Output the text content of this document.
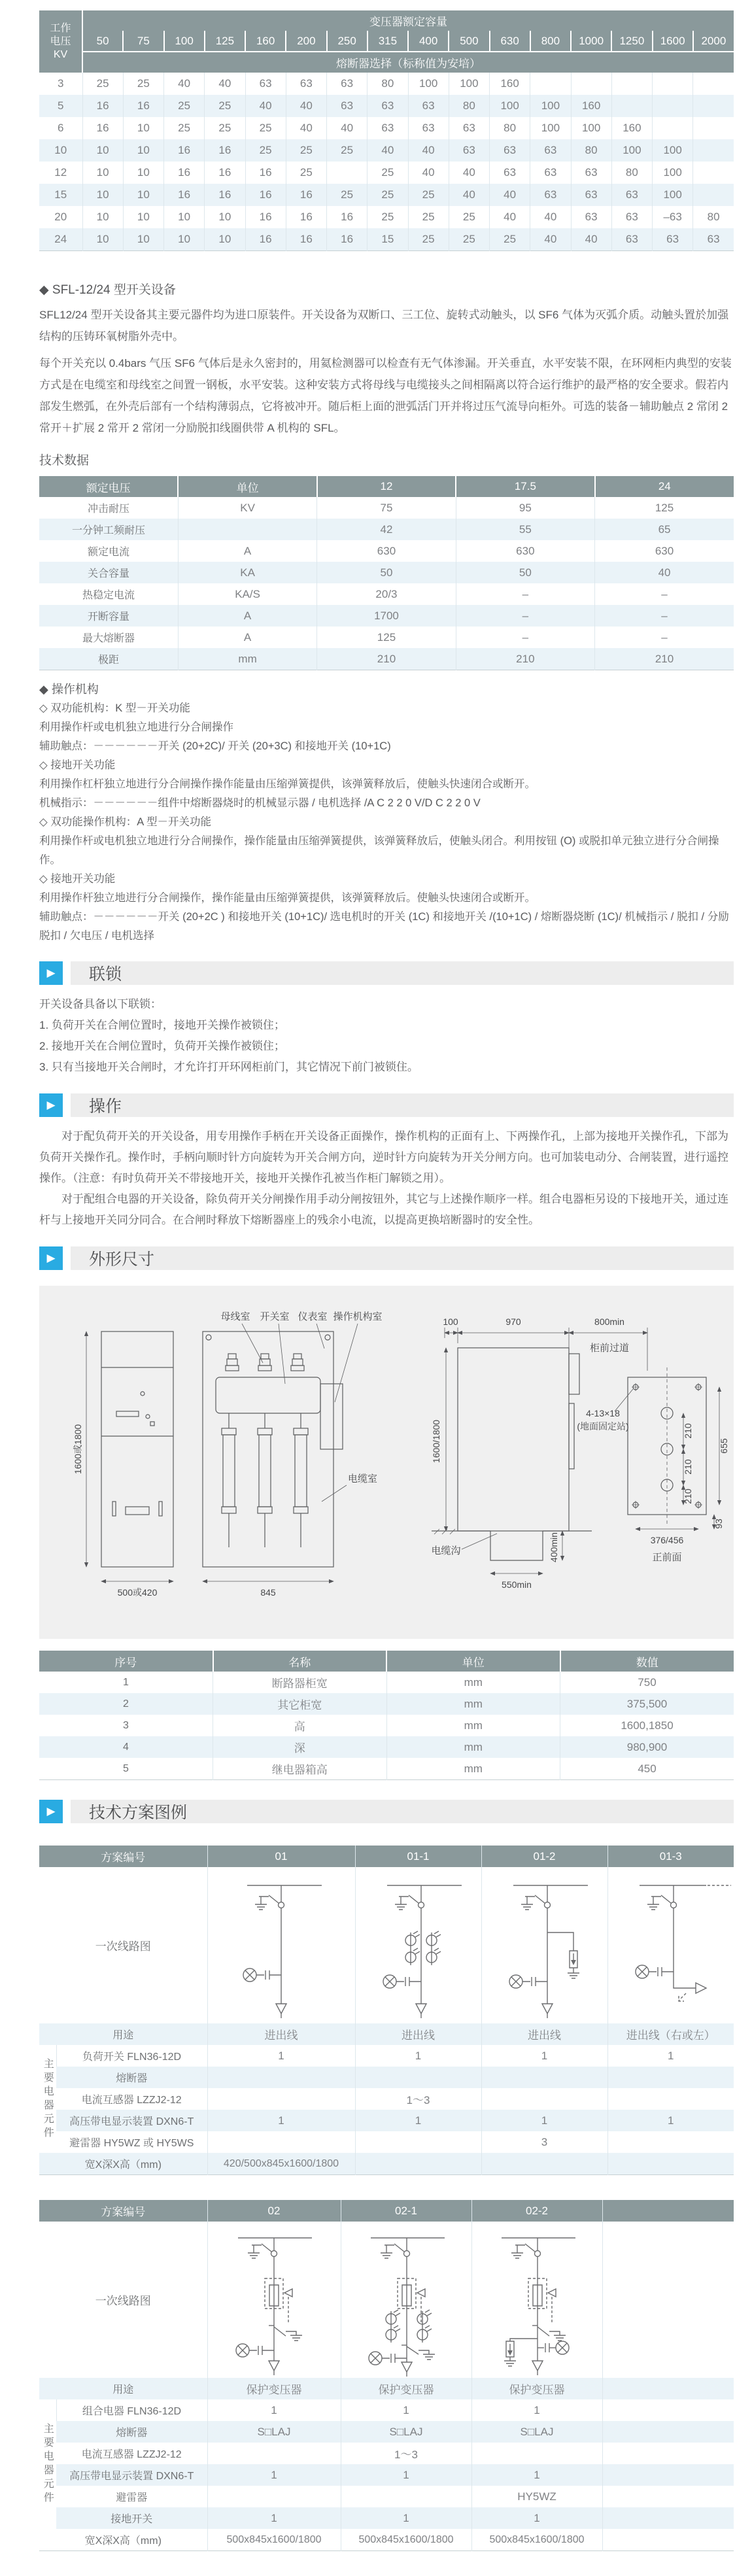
工作电压KV	变压器额定容量															
	50	75	100	125	160	200	250	315	400	500	630	800	1000	1250	1600	2000
	熔断器选择（标称值为安培）															
3	25	25	40	40	63	63	63	80	100	100	160					
5	16	16	25	25	40	40	63	63	63	80	100	100	160			
6	16	10	25	25	25	40	40	63	63	63	80	100	100	160		
10	10	10	16	16	25	25	25	40	40	63	63	63	80	100	100	
12	10	10	16	16	16	25		25	40	40	63	63	63	80	100	
15	10	10	16	16	16	16	25	25	25	40	40	63	63	63	100	
20	10	10	10	10	16	16	16	25	25	25	40	40	63	63	–63	80
24	10	10	10	10	16	16	16	15	25	25	25	40	40	63	63	63
◆ SFL-12/24 型开关设备

SFL12/24 型开关设备其主要元器件均为进口原装件。开关设备为双断口、三工位、旋转式动触头，以 SF6 气体为灭弧介质。动触头置於加强结构的压铸环氧树脂外壳中。

每个开关充以 0.4bars 气压 SF6 气体后是永久密封的，用氦检测器可以检查有无气体渗漏。开关垂直，水平安装不限，在环网柜内典型的安装方式是在电缆室和母线室之间置一钢板，水平安装。这种安装方式将母线与电缆接头之间相隔离以符合运行维护的最严格的安全要求。假若内部发生燃弧，在外壳后部有一个结构薄弱点，它将被冲开。随后柜上面的泄弧活门开并将过压气流导向柜外。可选的装备－辅助触点 2 常闭 2 常开＋扩展 2 常开 2 常闭一分励脱扣线圈供带 A 机构的 SFL。

技术数据
额定电压	单位	12	17.5	24
冲击耐压	KV	75	95	125
一分钟工频耐压		42	55	65
额定电流	A	630	630	630
关合容量	KA	50	50	40
热稳定电流	KA/S	20/3	–	–
开断容量	A	1700	–	–
最大熔断器	A	125	–	–
极距	mm	210	210	210
◆ 操作机构
◇ 双功能机构：K 型－开关功能
利用操作杆或电机独立地进行分合闸操作
辅助触点：－－－－－－开关 (20+2C)/ 开关 (20+3C) 和接地开关 (10+1C)
◇ 接地开关功能
利用操作杠杆独立地进行分合闸操作操作能量由压缩弹簧提供，该弹簧释放后，使触头快速闭合或断开。
机械指示：－－－－－－组件中熔断器烧时的机械显示器 / 电机选择 /A C 2 2 0 V/D C 2 2 0 V
◇ 双功能操作机构：A 型－开关功能
利用操作杆或电机独立地进行分合闸操作，操作能量由压缩弹簧提供，该弹簧释放后，使触头闭合。利用按钮 (O) 或脱扣单元独立进行分合闸操作。
◇ 接地开关功能
利用操作杆独立地进行分合闸操作，操作能量由压缩弹簧提供，该弹簧释放后。使触头快速闭合或断开。
辅助触点：－－－－－－开关 (20+2C ) 和接地开关 (10+1C)/ 选电机时的开关 (1C) 和接地开关 /(10+1C) / 熔断器烧断 (1C)/ 机械指示 / 脱扣 / 分励脱扣 / 欠电压 / 电机选择
▶	联锁
开关设备具备以下联锁：
1. 负荷开关在合闸位置时，接地开关操作被锁住；
2. 接地开关在合闸位置时，负荷开关操作被锁住；
3. 只有当接地开关合闸时，才允许打开环网柜前门，其它情况下前门被锁住。
▶	操作

对于配负荷开关的开关设备，用专用操作手柄在开关设备正面操作，操作机构的正面有上、下两操作孔，上部为接地开关操作孔，下部为负荷开关操作孔。操作时，手柄向顺时针方向旋转为开关合闸方向，逆时针方向旋转为开关分闸方向。也可加装电动分、合闸装置，进行遥控操作。（注意：有时负荷开关不带接地开关，接地开关操作孔被当作柜门解锁之用）。

对于配组合电器的开关设备，除负荷开关分闸操作用手动分闸按钮外，其它与上述操作顺序一样。组合电器柜另设的下接地开关，通过连杆与上接地开关同分同合。在合闸时释放下熔断器座上的残余小电流，以提高更换培断器时的安全性。

▶	外形尺寸
1600或1800
500或420
母线室 开关室 仪表室 操作机构室
电缆室
845
100	970	800min
柜前过道
1600/1800
电缆沟	400min
550min
210
210
210
655
376/456
93
正前面
4-13×18
(地面固定站)
序号	名称	单位	数值
1	断路器柜宽	mm	750
2	其它柜宽	mm	375,500
3	高	mm	1600,1850
4	深	mm	980,900
5	继电器箱高	mm	450
▶	技术方案图例
方案编号		01	01-1	01-2	01-3
一次线路图	

用途		进出线	进出线	进出线	进出线（右或左）
主要电器元件	负荷开关 FLN36-12D	1	1	1	1
	熔断器				
	电流互感器 LZZJ2-12		1～3		
	高压带电显示装置 DXN6-T	1	1	1	1
	避雷器 HY5WZ 或 HY5WS			3	
宽X深X高（mm)		420/500x845x1600/1800			
方案编号		02	02-1	02-2	
一次线路图	

用途		保护变压器	保护变压器	保护变压器	
主要电器元件	组合电器 FLN36-12D	1	1	1	
	熔断器	S□LAJ	S□LAJ	S□LAJ	
	电流互感器 LZZJ2-12		1～3		
	高压带电显示装置 DXN6-T	1	1	1	
	避雷器			HY5WZ	
	接地开关	1	1	1	
宽X深X高（mm)		500x845x1600/1800	500x845x1600/1800	500x845x1600/1800	
